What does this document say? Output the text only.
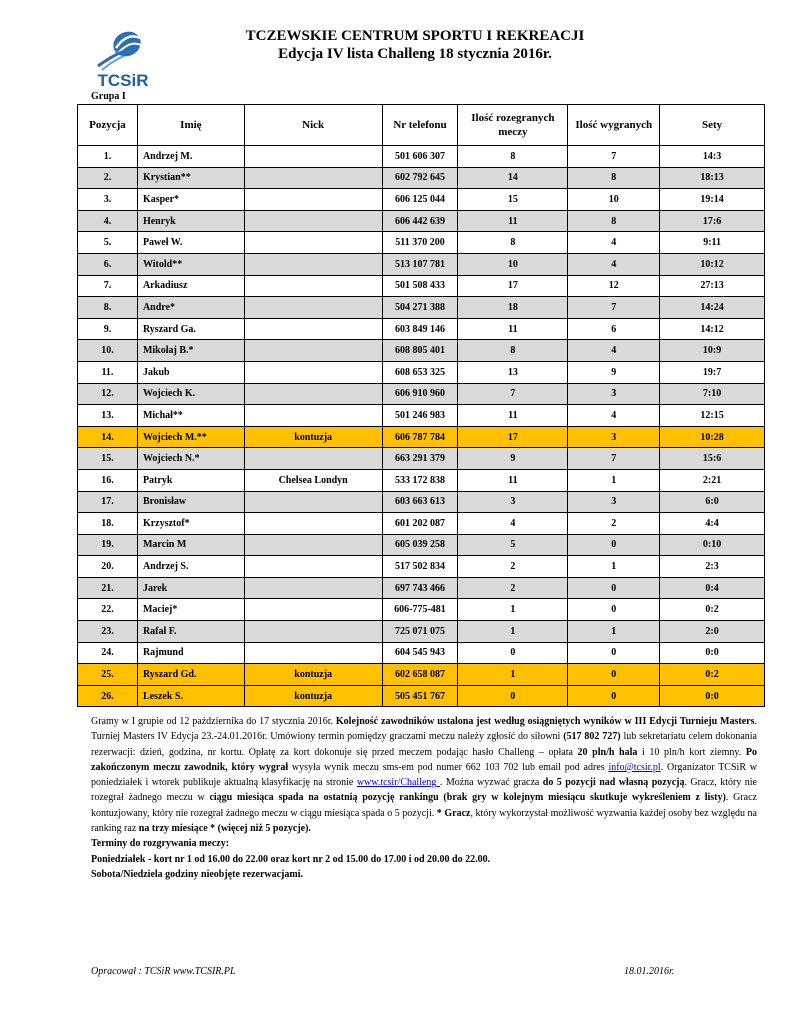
TCSiR
TCZEWSKIE CENTRUM SPORTU I REKREACJI
Edycja IV lista Challeng 18 stycznia 2016r.
Grupa I
Pozycja	Imię	Nick	Nr telefonu	Ilość rozegranych meczy	Ilość wygranych	Sety
1.	Andrzej M.		501 606 307	8	7	14:3
2.	Krystian**		602 792 645	14	8	18:13
3.	Kasper*		606 125 044	15	10	19:14
4.	Henryk		606 442 639	11	8	17:6
5.	Paweł W.		511 370 200	8	4	9:11
6.	Witold**		513 107 781	10	4	10:12
7.	Arkadiusz		501 508 433	17	12	27:13
8.	Andre*		504 271 388	18	7	14:24
9.	Ryszard Ga.		603 849 146	11	6	14:12
10.	Mikołaj B.*		608 805 401	8	4	10:9
11.	Jakub		608 653 325	13	9	19:7
12.	Wojciech K.		606 910 960	7	3	7:10
13.	Michał**		501 246 983	11	4	12:15
14.	Wojciech M.**	kontuzja	606 787 784	17	3	10:28
15.	Wojciech N.*		663 291 379	9	7	15:6
16.	Patryk	Chelsea Londyn	533 172 838	11	1	2:21
17.	Bronisław		603 663 613	3	3	6:0
18.	Krzysztof*		601 202 087	4	2	4:4
19.	Marcin M		605 039 258	5	0	0:10
20.	Andrzej S.		517 502 834	2	1	2:3
21.	Jarek		697 743 466	2	0	0:4
22.	Maciej*		606-775-481	1	0	0:2
23.	Rafał F.		725 071 075	1	1	2:0
24.	Rajmund		604 545 943	0	0	0:0
25.	Ryszard Gd.	kontuzja	602 658 087	1	0	0:2
26.	Leszek S.	kontuzja	505 451 767	0	0	0:0
Gramy w I grupie od 12 października do 17 stycznia 2016r. Kolejność zawodników ustalona jest według osiągniętych wyników w III Edycji Turnieju Masters. Turniej Masters IV Edycja 23.-24.01.2016r. Umówiony termin pomiędzy graczami meczu należy zgłosić do siłowni (517 802 727) lub sekretariatu celem dokonania rezerwacji: dzień, godzina, nr kortu. Opłatę za kort dokonuje się przed meczem podając hasło Challeng – opłata 20 pln/h hala i 10 pln/h kort ziemny. Po zakończonym meczu zawodnik, który wygrał wysyła wynik meczu sms-em pod numer 662 103 702 lub email pod adres info@tcsir.pl. Organizator TCSiR w poniedziałek i wtorek publikuje aktualną klasyfikację na stronie www.tcsir/Challeng . Można wyzwać gracza do 5 pozycji nad własną pozycją. Gracz, który nie rozegrał żadnego meczu w ciągu miesiąca spada na ostatnią pozycję rankingu (brak gry w kolejnym miesiącu skutkuje wykreśleniem z listy). Gracz kontuzjowany, który nie rozegrał żadnego meczu w ciągu miesiąca spada o 5 pozycji. * Gracz, który wykorzystał możliwość wyzwania każdej osoby bez względu na ranking raz na trzy miesiące * (więcej niż 5 pozycje).
Terminy do rozgrywania meczy:
Poniedziałek - kort nr 1 od 16.00 do 22.00 oraz kort nr 2 od 15.00 do 17.00 i od 20.00 do 22.00.
Sobota/Niedziela godziny nieobjęte rezerwacjami.
Opracował : TCSiR www.TCSIR.PL	18.01.2016r.
